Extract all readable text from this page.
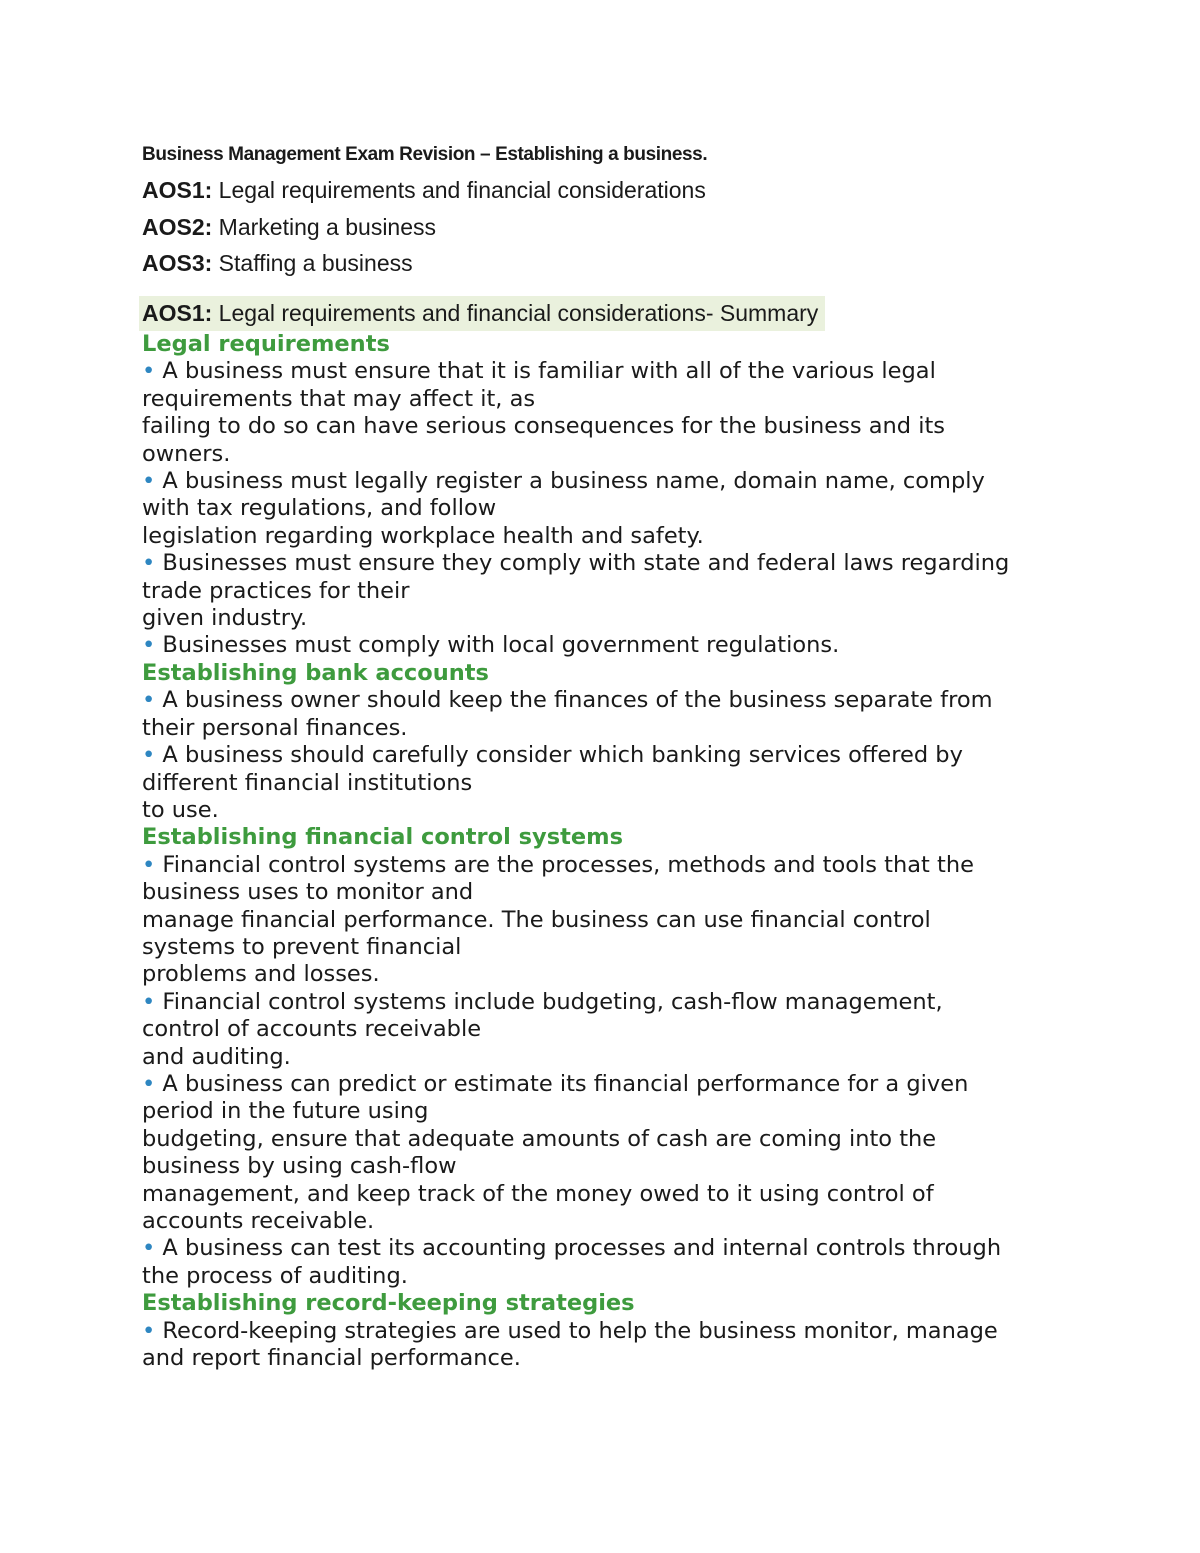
Business Management Exam Revision – Establishing a business.
AOS1: Legal requirements and financial considerations
AOS2: Marketing a business
AOS3: Staffing a business
AOS1: Legal requirements and financial considerations- Summary
Legal requirements
• A business must ensure that it is familiar with all of the various legal
requirements that may affect it, as
failing to do so can have serious consequences for the business and its
owners.
• A business must legally register a business name, domain name, comply
with tax regulations, and follow
legislation regarding workplace health and safety.
• Businesses must ensure they comply with state and federal laws regarding
trade practices for their
given industry.
• Businesses must comply with local government regulations.
Establishing bank accounts
• A business owner should keep the finances of the business separate from
their personal finances.
• A business should carefully consider which banking services offered by
different financial institutions
to use.
Establishing financial control systems
• Financial control systems are the processes, methods and tools that the
business uses to monitor and
manage financial performance. The business can use financial control
systems to prevent financial
problems and losses.
• Financial control systems include budgeting, cash-flow management,
control of accounts receivable
and auditing.
• A business can predict or estimate its financial performance for a given
period in the future using
budgeting, ensure that adequate amounts of cash are coming into the
business by using cash-flow
management, and keep track of the money owed to it using control of
accounts receivable.
• A business can test its accounting processes and internal controls through
the process of auditing.
Establishing record-keeping strategies
• Record-keeping strategies are used to help the business monitor, manage
and report financial performance.
